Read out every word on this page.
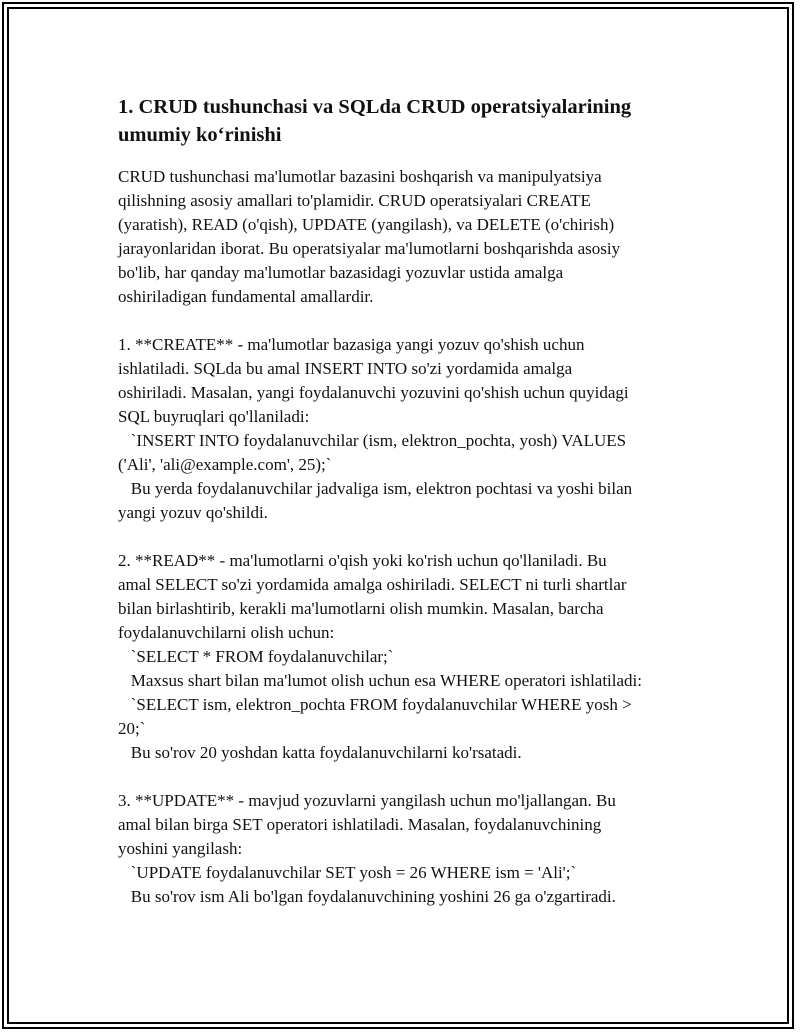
1. CRUD tushunchasi va SQLda CRUD operatsiyalarining
umumiy ko‘rinishi

CRUD tushunchasi ma'lumotlar bazasini boshqarish va manipulyatsiya
qilishning asosiy amallari to'plamidir. CRUD operatsiyalari CREATE
(yaratish), READ (o'qish), UPDATE (yangilash), va DELETE (o'chirish)
jarayonlaridan iborat. Bu operatsiyalar ma'lumotlarni boshqarishda asosiy
bo'lib, har qanday ma'lumotlar bazasidagi yozuvlar ustida amalga
oshiriladigan fundamental amallardir.

1. **CREATE** - ma'lumotlar bazasiga yangi yozuv qo'shish uchun
ishlatiladi. SQLda bu amal INSERT INTO so'zi yordamida amalga
oshiriladi. Masalan, yangi foydalanuvchi yozuvini qo'shish uchun quyidagi
SQL buyruqlari qo'llaniladi:
`INSERT INTO foydalanuvchilar (ism, elektron_pochta, yosh) VALUES
('Ali', 'ali@example.com', 25);`
Bu yerda foydalanuvchilar jadvaliga ism, elektron pochtasi va yoshi bilan
yangi yozuv qo'shildi.

2. **READ** - ma'lumotlarni o'qish yoki ko'rish uchun qo'llaniladi. Bu
amal SELECT so'zi yordamida amalga oshiriladi. SELECT ni turli shartlar
bilan birlashtirib, kerakli ma'lumotlarni olish mumkin. Masalan, barcha
foydalanuvchilarni olish uchun:
`SELECT * FROM foydalanuvchilar;`
Maxsus shart bilan ma'lumot olish uchun esa WHERE operatori ishlatiladi:
`SELECT ism, elektron_pochta FROM foydalanuvchilar WHERE yosh >
20;`
Bu so'rov 20 yoshdan katta foydalanuvchilarni ko'rsatadi.

3. **UPDATE** - mavjud yozuvlarni yangilash uchun mo'ljallangan. Bu
amal bilan birga SET operatori ishlatiladi. Masalan, foydalanuvchining
yoshini yangilash:
`UPDATE foydalanuvchilar SET yosh = 26 WHERE ism = 'Ali';`
Bu so'rov ism Ali bo'lgan foydalanuvchining yoshini 26 ga o'zgartiradi.
